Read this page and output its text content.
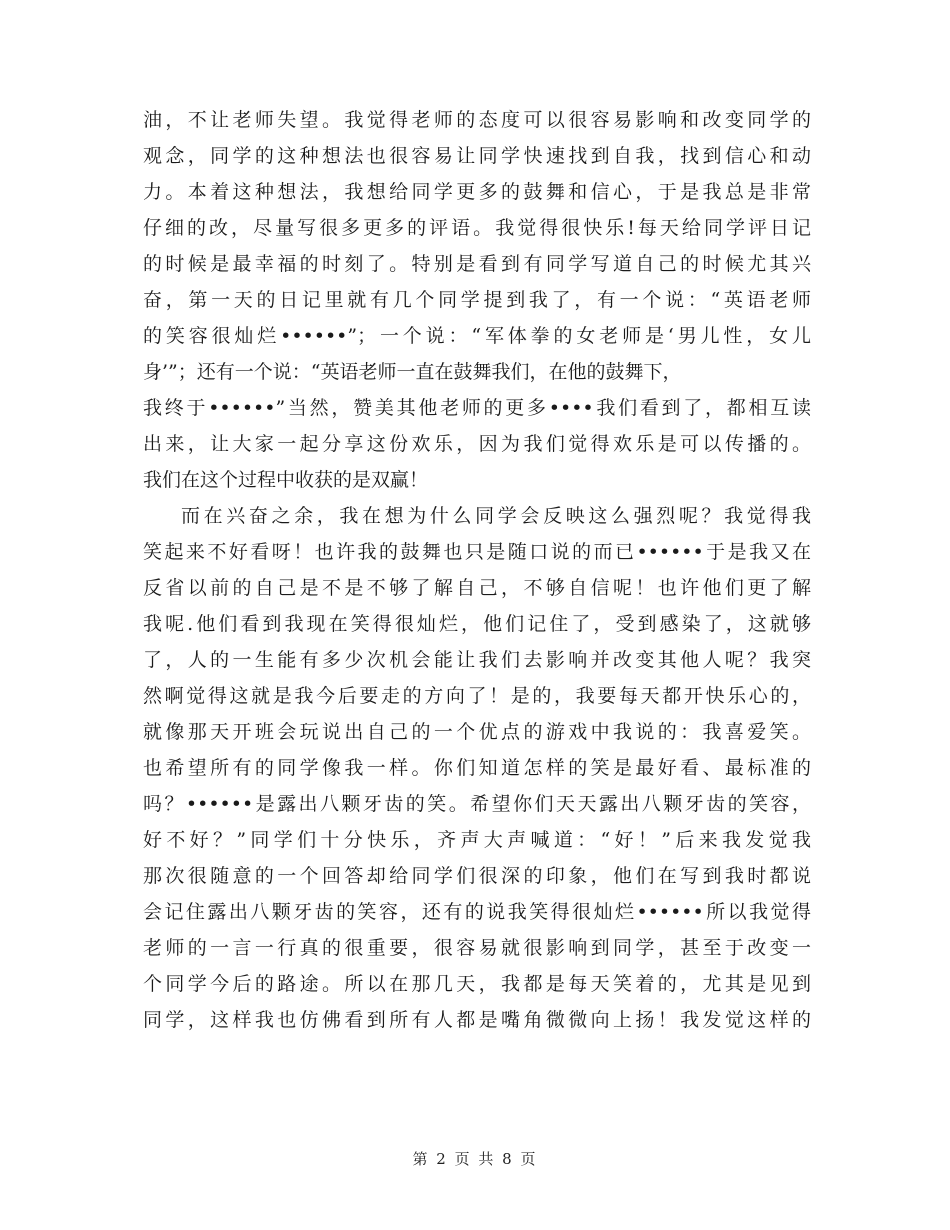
油，不让老师失望。我觉得老师的态度可以很容易影响和改变同学的
观念，同学的这种想法也很容易让同学快速找到自我，找到信心和动
力。本着这种想法，我想给同学更多的鼓舞和信心，于是我总是非常
仔细的改，尽量写很多更多的评语。我觉得很快乐!每天给同学评日记
的时候是最幸福的时刻了。特别是看到有同学写道自己的时候尤其兴
奋，第一天的日记里就有几个同学提到我了，有一个说：“英语老师
的笑容很灿烂••••••”；一个说：“军体拳的女老师是‘男儿性，女儿
身’”；还有一个说：“英语老师一直在鼓舞我们，在他的鼓舞下，
我终于••••••”当然，赞美其他老师的更多••••我们看到了，都相互读
出来，让大家一起分享这份欢乐，因为我们觉得欢乐是可以传播的。
我们在这个过程中收获的是双赢！
而在兴奋之余，我在想为什么同学会反映这么强烈呢？我觉得我
笑起来不好看呀！也许我的鼓舞也只是随口说的而已••••••于是我又在
反省以前的自己是不是不够了解自己，不够自信呢！也许他们更了解
我呢.他们看到我现在笑得很灿烂，他们记住了，受到感染了，这就够
了，人的一生能有多少次机会能让我们去影响并改变其他人呢？我突
然啊觉得这就是我今后要走的方向了！是的，我要每天都开快乐心的，
就像那天开班会玩说出自己的一个优点的游戏中我说的：我喜爱笑。
也希望所有的同学像我一样。你们知道怎样的笑是最好看、最标准的
吗？••••••是露出八颗牙齿的笑。希望你们天天露出八颗牙齿的笑容，
好不好？”同学们十分快乐，齐声大声喊道：“好！”后来我发觉我
那次很随意的一个回答却给同学们很深的印象，他们在写到我时都说
会记住露出八颗牙齿的笑容，还有的说我笑得很灿烂••••••所以我觉得
老师的一言一行真的很重要，很容易就很影响到同学，甚至于改变一
个同学今后的路途。所以在那几天，我都是每天笑着的，尤其是见到
同学，这样我也仿佛看到所有人都是嘴角微微向上扬！我发觉这样的
第 2 页 共 8 页
